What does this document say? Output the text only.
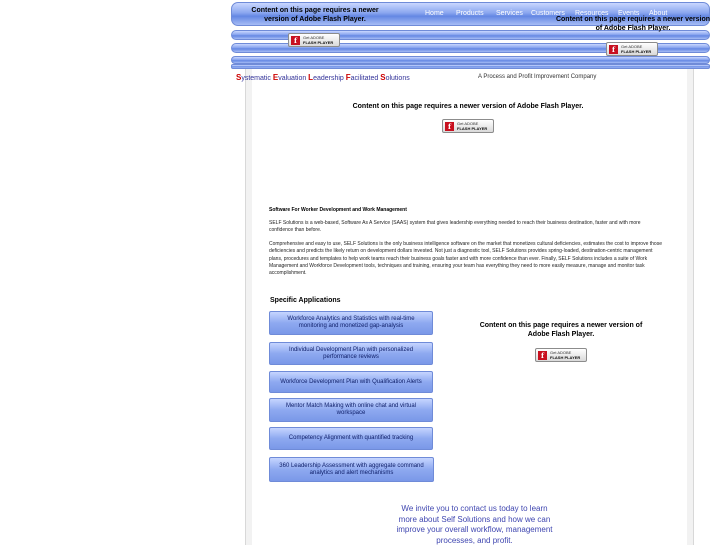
Content on this page requires a newer version of Adobe Flash Player.
f	Get ADOBE
FLASH PLAYER
Home Products Services Customers Resources Events About
Content on this page requires a newer version of Adobe Flash Player.
f	Get ADOBE
FLASH PLAYER
Systematic Evaluation Leadership Facilitated Solutions	A Process and Profit Improvement Company
Content on this page requires a newer version of Adobe Flash Player.
f	Get ADOBE
FLASH PLAYER
Software For Worker Development and Work Management
SELF Solutions is a web-based, Software As A Service (SAAS) system that gives leadership everything needed to reach their business destination, faster and with more confidence than before.
Comprehensive and easy to use, SELF Solutions is the only business intelligence software on the market that monetizes cultural deficiencies, estimates the cost to improve those deficiencies and predicts the likely return on development dollars invested. Not just a diagnostic tool, SELF Solutions provides spring-loaded, destination-centric management plans, procedures and templates to help work teams reach their business goals faster and with more confidence than ever. Finally, SELF Solutions includes a suite of Work Management and Workforce Development tools, techniques and training, ensuring your team has everything they need to more easily measure, manage and monitor task accomplishment.
Specific Applications
Workforce Analytics and Statistics with real-time monitoring and monetized gap-analysis
Individual Development Plan with personalized performance reviews
Workforce Development Plan with Qualification Alerts
Mentor Match Making with online chat and virtual workspace
Competency Alignment with quantified tracking
360 Leadership Assessment with aggregate command analytics and alert mechanisms
Content on this page requires a newer version of Adobe Flash Player.
f	Get ADOBE
FLASH PLAYER
We invite you to contact us today to learn more about Self Solutions and how we can improve your overall workflow, management processes, and profit.
